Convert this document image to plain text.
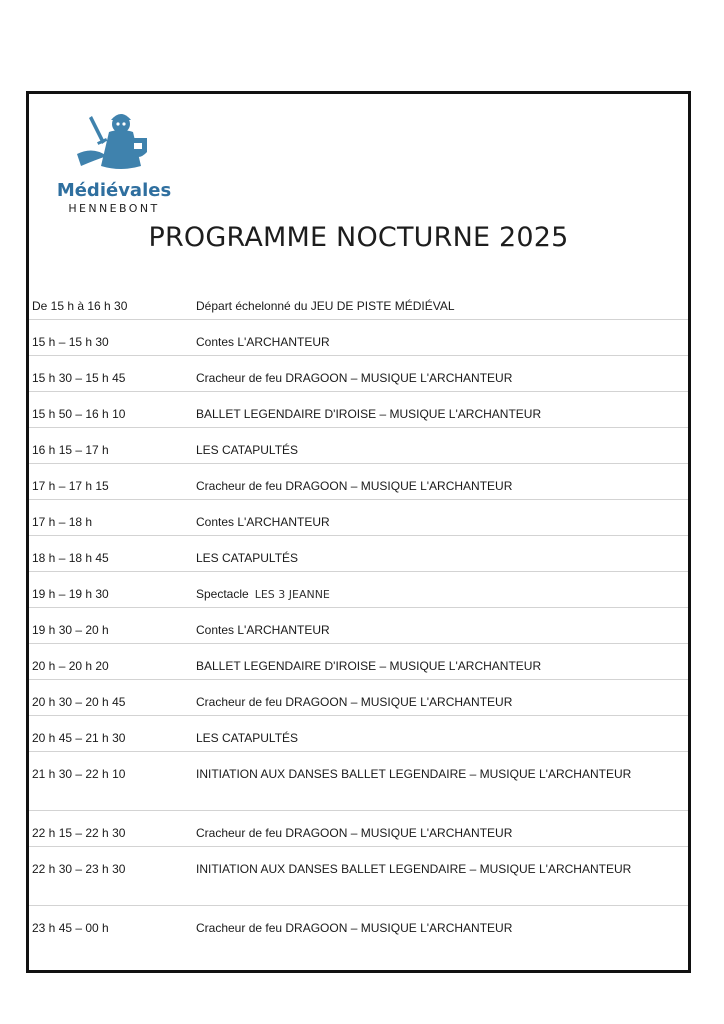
Médiévales
HENNEBONT
PROGRAMME NOCTURNE 2025
De 15 h à 16 h 30	Départ échelonné du JEU DE PISTE MÉDIÉVAL
15 h – 15 h 30	Contes L'ARCHANTEUR
15 h 30 – 15 h 45	Cracheur de feu DRAGOON – MUSIQUE L'ARCHANTEUR
15 h 50 – 16 h 10	BALLET LEGENDAIRE D'IROISE – MUSIQUE L'ARCHANTEUR
16 h 15 – 17 h	LES CATAPULTÉS
17 h – 17 h 15	Cracheur de feu DRAGOON – MUSIQUE L'ARCHANTEUR
17 h – 18 h	Contes L'ARCHANTEUR
18 h – 18 h 45	LES CATAPULTÉS
19 h – 19 h 30	Spectacle LES 3 JEANNE
19 h 30 – 20 h	Contes L'ARCHANTEUR
20 h – 20 h 20	BALLET LEGENDAIRE D'IROISE – MUSIQUE L'ARCHANTEUR
20 h 30 – 20 h 45	Cracheur de feu DRAGOON – MUSIQUE L'ARCHANTEUR
20 h 45 – 21 h 30	LES CATAPULTÉS
21 h 30 – 22 h 10	INITIATION AUX DANSES BALLET LEGENDAIRE – MUSIQUE L'ARCHANTEUR
22 h 15 – 22 h 30	Cracheur de feu DRAGOON – MUSIQUE L'ARCHANTEUR
22 h 30 – 23 h 30	INITIATION AUX DANSES BALLET LEGENDAIRE – MUSIQUE L'ARCHANTEUR
23 h 45 – 00 h	Cracheur de feu DRAGOON – MUSIQUE L'ARCHANTEUR
